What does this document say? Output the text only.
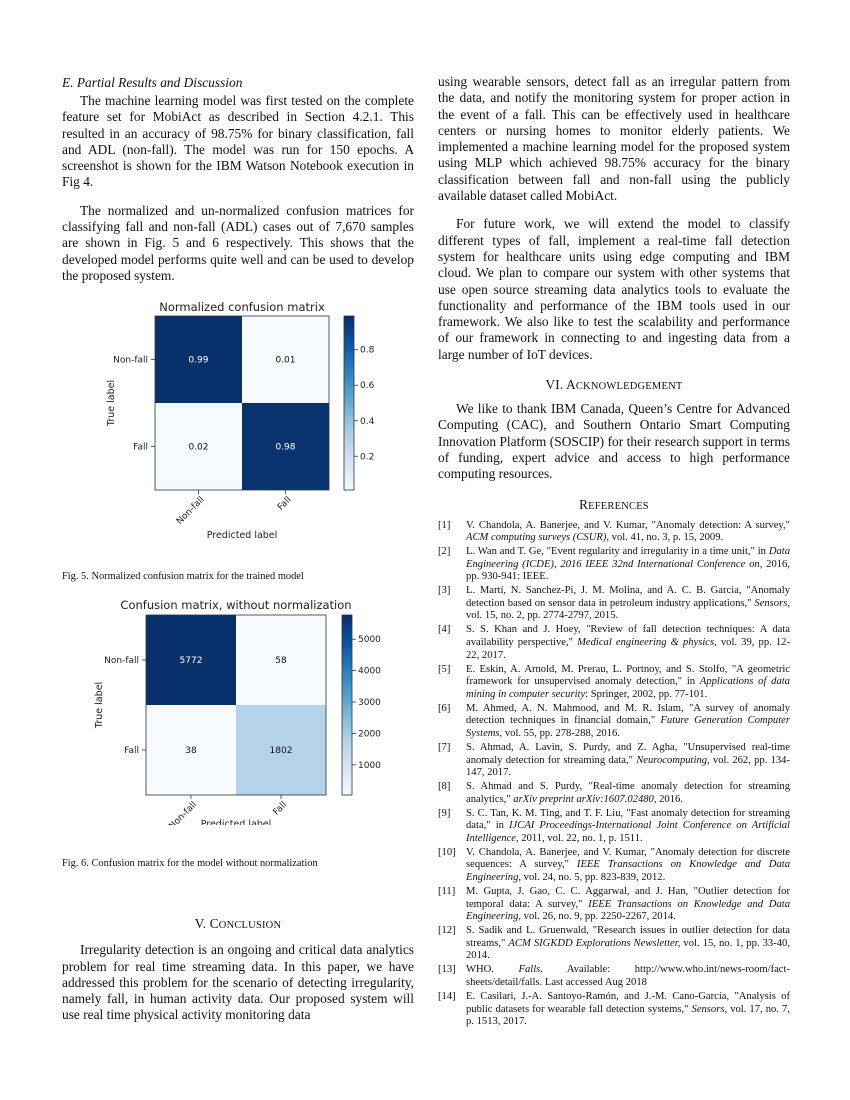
E. Partial Results and Discussion

The machine learning model was first tested on the complete feature set for MobiAct as described in Section 4.2.1. This resulted in an accuracy of 98.75% for binary classification, fall and ADL (non-fall). The model was run for 150 epochs. A screenshot is shown for the IBM Watson Notebook execution in Fig 4.

The normalized and un-normalized confusion matrices for classifying fall and non-fall (ADL) cases out of 7,670 samples are shown in Fig. 5 and 6 respectively. This shows that the developed model performs quite well and can be used to develop the proposed system.

Normalized confusion matrix
0.99	0.01
0.02	0.98
Non-fall
Fall
Non-fall	Fall
Predicted label
True label
0.8
0.6
0.4
0.2

Fig. 5. Normalized confusion matrix for the trained model

Confusion matrix, without normalization
5772	58
38	1802
Non-fall
Fall
Non-fall	Fall
Predicted label
True label
5000
4000
3000
2000
1000

Fig. 6. Confusion matrix for the model without normalization

V. CONCLUSION

Irregularity detection is an ongoing and critical data analytics problem for real time streaming data. In this paper, we have addressed this problem for the scenario of detecting irregularity, namely fall, in human activity data. Our proposed system will use real time physical activity monitoring data

using wearable sensors, detect fall as an irregular pattern from the data, and notify the monitoring system for proper action in the event of a fall. This can be effectively used in healthcare centers or nursing homes to monitor elderly patients. We implemented a machine learning model for the proposed system using MLP which achieved 98.75% accuracy for the binary classification between fall and non-fall using the publicly available dataset called MobiAct.

For future work, we will extend the model to classify different types of fall, implement a real-time fall detection system for healthcare units using edge computing and IBM cloud. We plan to compare our system with other systems that use open source streaming data analytics tools to evaluate the functionality and performance of the IBM tools used in our framework. We also like to test the scalability and performance of our framework in connecting to and ingesting data from a large number of IoT devices.

VI. ACKNOWLEDGEMENT

We like to thank IBM Canada, Queen’s Centre for Advanced Computing (CAC), and Southern Ontario Smart Computing Innovation Platform (SOSCIP) for their research support in terms of funding, expert advice and access to high performance computing resources.

REFERENCES
[1] V. Chandola, A. Banerjee, and V. Kumar, "Anomaly detection: A survey," ACM computing surveys (CSUR), vol. 41, no. 3, p. 15, 2009.
[2] L. Wan and T. Ge, "Event regularity and irregularity in a time unit," in Data Engineering (ICDE), 2016 IEEE 32nd International Conference on, 2016, pp. 930-941: IEEE.
[3] L. Martí, N. Sanchez-Pi, J. M. Molina, and A. C. B. Garcia, "Anomaly detection based on sensor data in petroleum industry applications," Sensors, vol. 15, no. 2, pp. 2774-2797, 2015.
[4] S. S. Khan and J. Hoey, "Review of fall detection techniques: A data availability perspective," Medical engineering & physics, vol. 39, pp. 12-22, 2017.
[5] E. Eskin, A. Arnold, M. Prerau, L. Portnoy, and S. Stolfo, "A geometric framework for unsupervised anomaly detection," in Applications of data mining in computer security: Springer, 2002, pp. 77-101.
[6] M. Ahmed, A. N. Mahmood, and M. R. Islam, "A survey of anomaly detection techniques in financial domain," Future Generation Computer Systems, vol. 55, pp. 278-288, 2016.
[7] S. Ahmad, A. Lavin, S. Purdy, and Z. Agha, "Unsupervised real-time anomaly detection for streaming data," Neurocomputing, vol. 262, pp. 134-147, 2017.
[8] S. Ahmad and S. Purdy, "Real-time anomaly detection for streaming analytics," arXiv preprint arXiv:1607.02480, 2016.
[9] S. C. Tan, K. M. Ting, and T. F. Liu, "Fast anomaly detection for streaming data," in IJCAI Proceedings-International Joint Conference on Artificial Intelligence, 2011, vol. 22, no. 1, p. 1511.
[10] V. Chandola, A. Banerjee, and V. Kumar, "Anomaly detection for discrete sequences: A survey," IEEE Transactions on Knowledge and Data Engineering, vol. 24, no. 5, pp. 823-839, 2012.
[11] M. Gupta, J. Gao, C. C. Aggarwal, and J. Han, "Outlier detection for temporal data: A survey," IEEE Transactions on Knowledge and Data Engineering, vol. 26, no. 9, pp. 2250-2267, 2014.
[12] S. Sadik and L. Gruenwald, "Research issues in outlier detection for data streams," ACM SIGKDD Explorations Newsletter, vol. 15, no. 1, pp. 33-40, 2014.
[13] WHO. Falls. Available: http://www.who.int/news-room/fact-sheets/detail/falls. Last accessed Aug 2018
[14] E. Casilari, J.-A. Santoyo-Ramón, and J.-M. Cano-García, "Analysis of public datasets for wearable fall detection systems," Sensors, vol. 17, no. 7, p. 1513, 2017.
